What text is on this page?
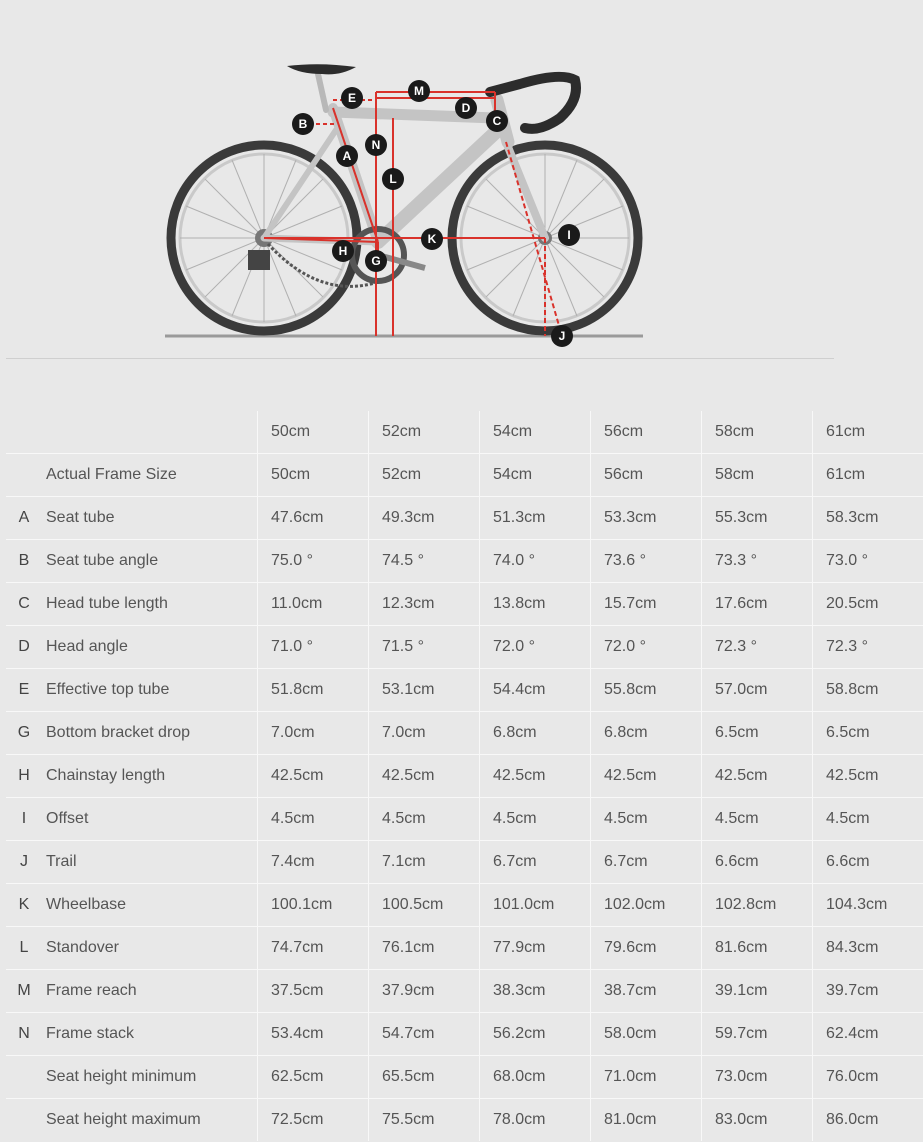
A
B	C
D
E
G
H
I
J
K
L
M
N
		50cm	52cm	54cm	56cm	58cm	61cm
	Actual Frame Size	50cm	52cm	54cm	56cm	58cm	61cm
A	Seat tube	47.6cm	49.3cm	51.3cm	53.3cm	55.3cm	58.3cm
B	Seat tube angle	75.0 °	74.5 °	74.0 °	73.6 °	73.3 °	73.0 °
C	Head tube length	11.0cm	12.3cm	13.8cm	15.7cm	17.6cm	20.5cm
D	Head angle	71.0 °	71.5 °	72.0 °	72.0 °	72.3 °	72.3 °
E	Effective top tube	51.8cm	53.1cm	54.4cm	55.8cm	57.0cm	58.8cm
G	Bottom bracket drop	7.0cm	7.0cm	6.8cm	6.8cm	6.5cm	6.5cm
H	Chainstay length	42.5cm	42.5cm	42.5cm	42.5cm	42.5cm	42.5cm
I	Offset	4.5cm	4.5cm	4.5cm	4.5cm	4.5cm	4.5cm
J	Trail	7.4cm	7.1cm	6.7cm	6.7cm	6.6cm	6.6cm
K	Wheelbase	100.1cm	100.5cm	101.0cm	102.0cm	102.8cm	104.3cm
L	Standover	74.7cm	76.1cm	77.9cm	79.6cm	81.6cm	84.3cm
M	Frame reach	37.5cm	37.9cm	38.3cm	38.7cm	39.1cm	39.7cm
N	Frame stack	53.4cm	54.7cm	56.2cm	58.0cm	59.7cm	62.4cm
	Seat height minimum	62.5cm	65.5cm	68.0cm	71.0cm	73.0cm	76.0cm
	Seat height maximum	72.5cm	75.5cm	78.0cm	81.0cm	83.0cm	86.0cm
